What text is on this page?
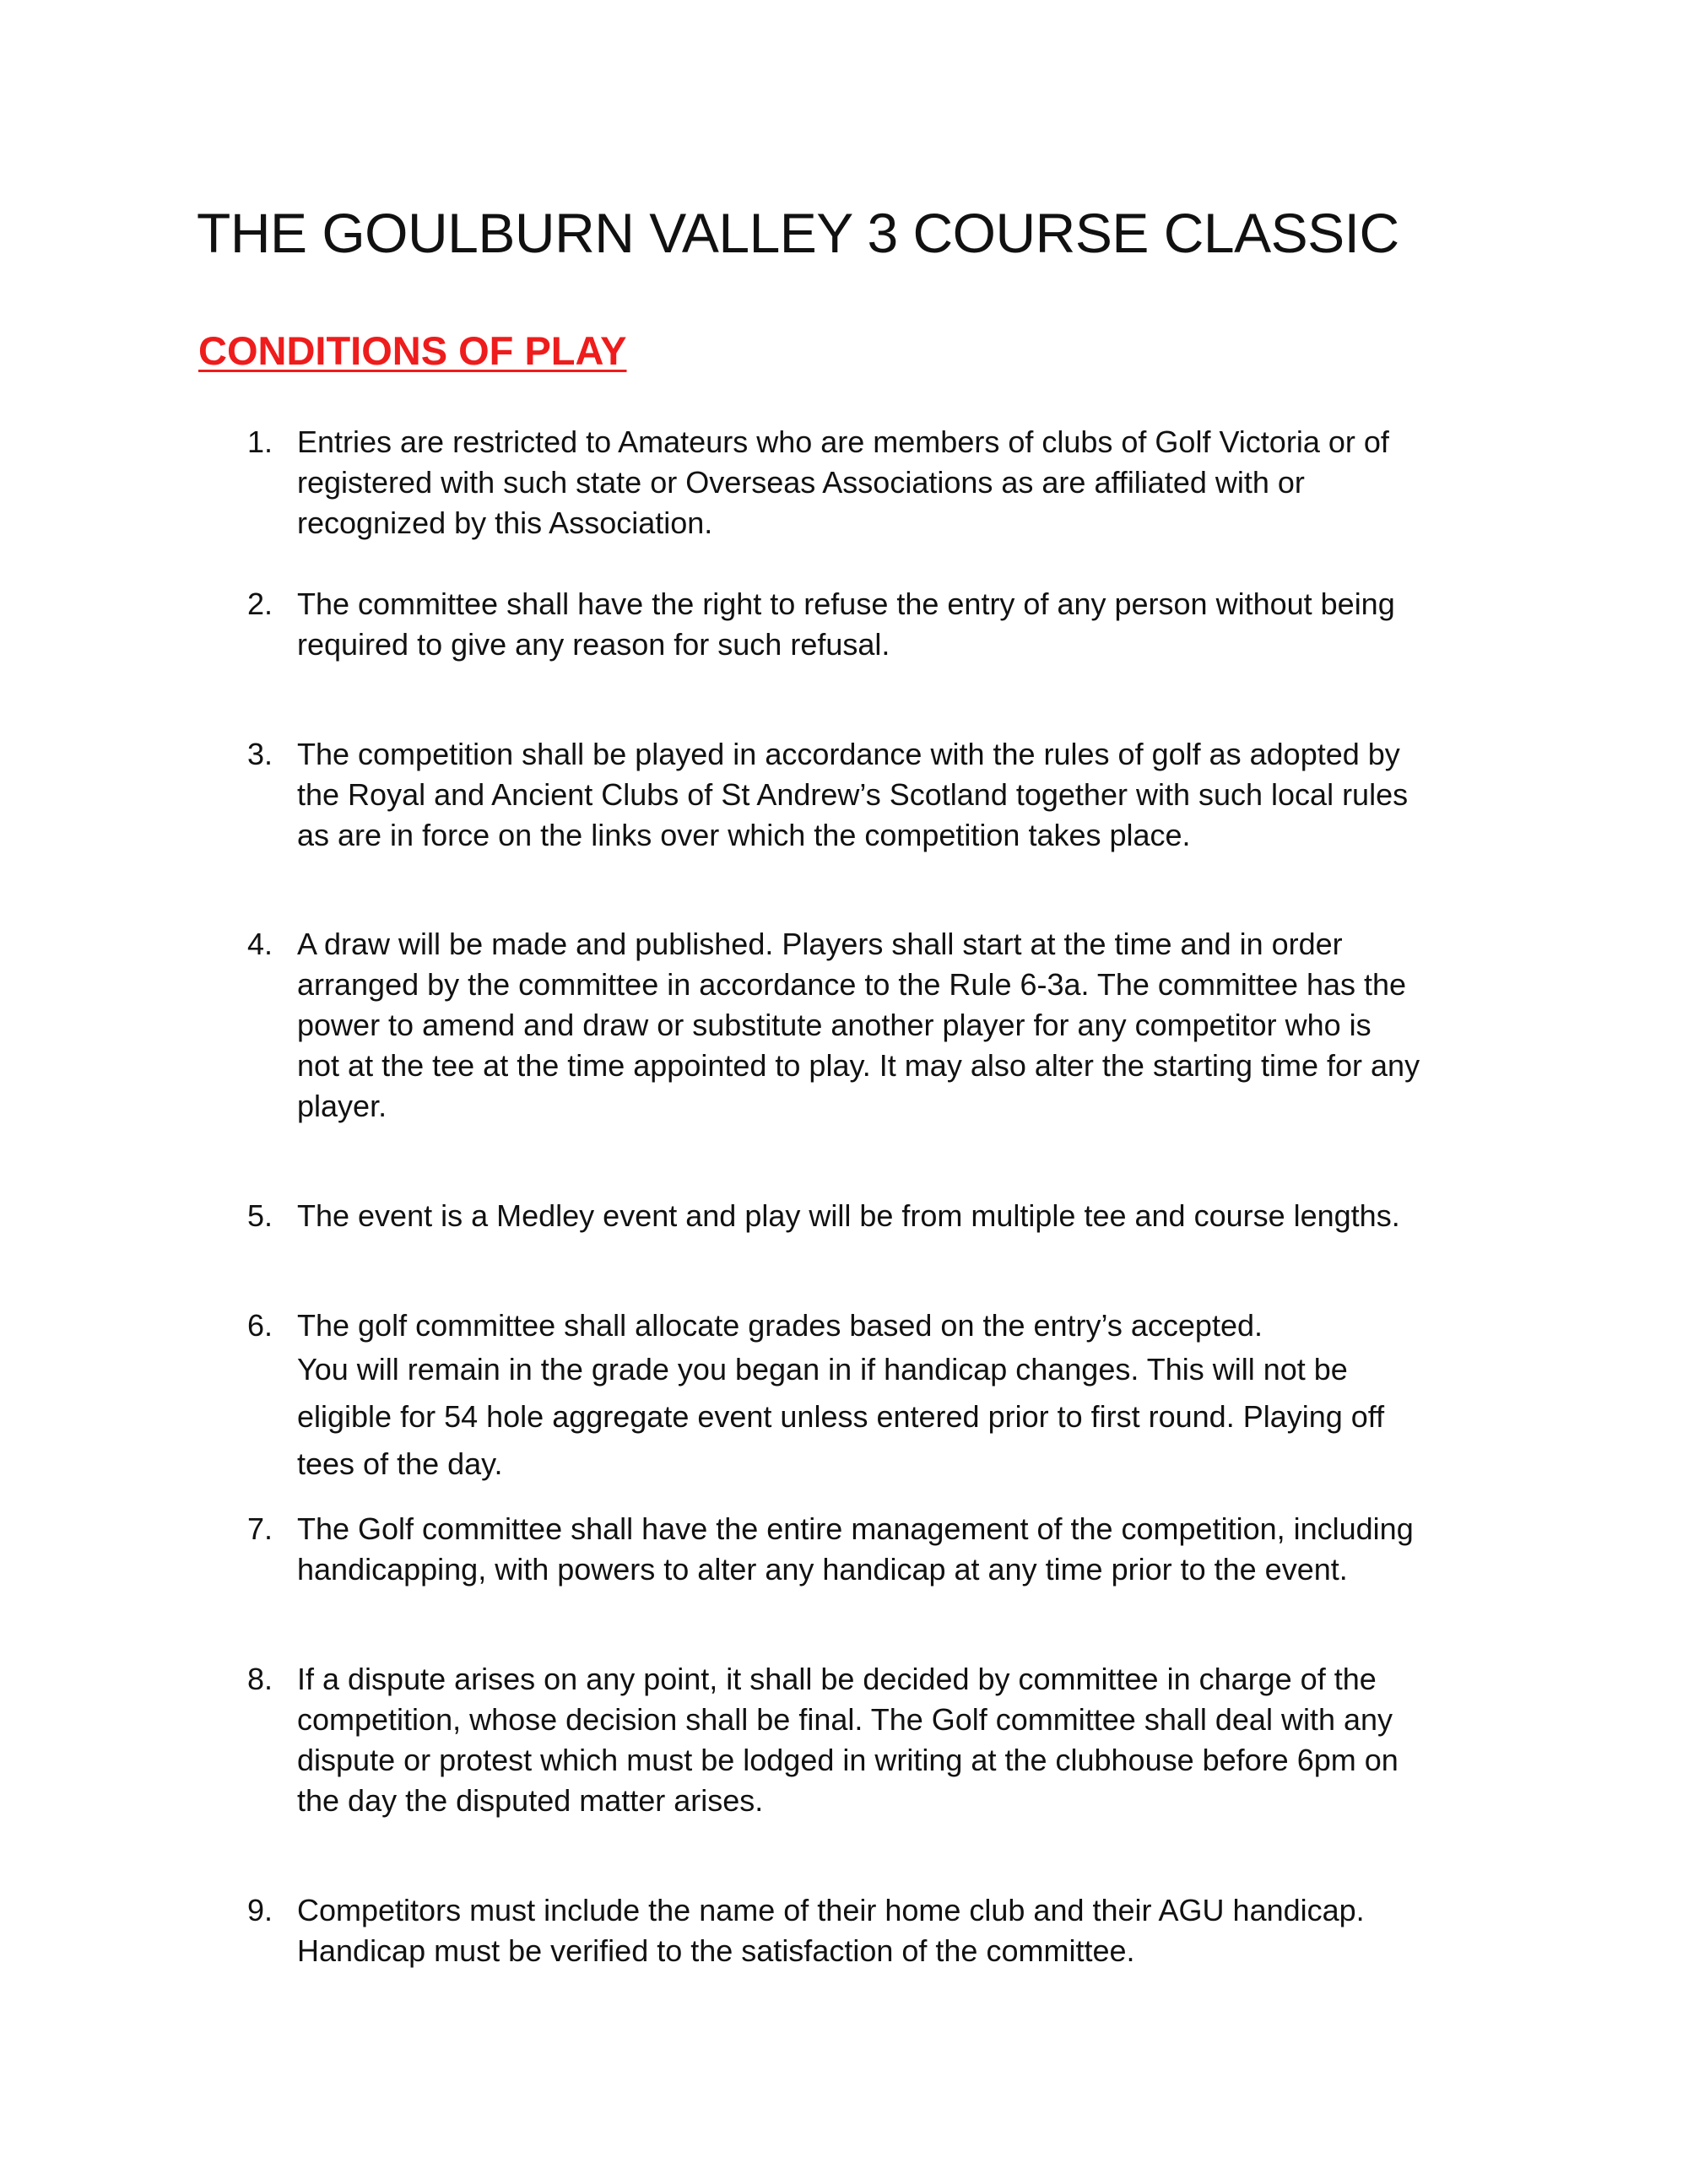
THE GOULBURN VALLEY 3 COURSE CLASSIC
CONDITIONS OF PLAY
1. Entries are restricted to Amateurs who are members of clubs of Golf Victoria or of
registered with such state or Overseas Associations as are affiliated with or
recognized by this Association.
2. The committee shall have the right to refuse the entry of any person without being
required to give any reason for such refusal.
3. The competition shall be played in accordance with the rules of golf as adopted by
the Royal and Ancient Clubs of St Andrew’s Scotland together with such local rules
as are in force on the links over which the competition takes place.
4. A draw will be made and published. Players shall start at the time and in order
arranged by the committee in accordance to the Rule 6-3a. The committee has the
power to amend and draw or substitute another player for any competitor who is
not at the tee at the time appointed to play. It may also alter the starting time for any
player.
5. The event is a Medley event and play will be from multiple tee and course lengths.
6. The golf committee shall allocate grades based on the entry’s accepted.
You will remain in the grade you began in if handicap changes. This will not be
eligible for 54 hole aggregate event unless entered prior to first round. Playing off
tees of the day.
7. The Golf committee shall have the entire management of the competition, including
handicapping, with powers to alter any handicap at any time prior to the event.
8. If a dispute arises on any point, it shall be decided by committee in charge of the
competition, whose decision shall be final. The Golf committee shall deal with any
dispute or protest which must be lodged in writing at the clubhouse before 6pm on
the day the disputed matter arises.
9. Competitors must include the name of their home club and their AGU handicap.
Handicap must be verified to the satisfaction of the committee.
